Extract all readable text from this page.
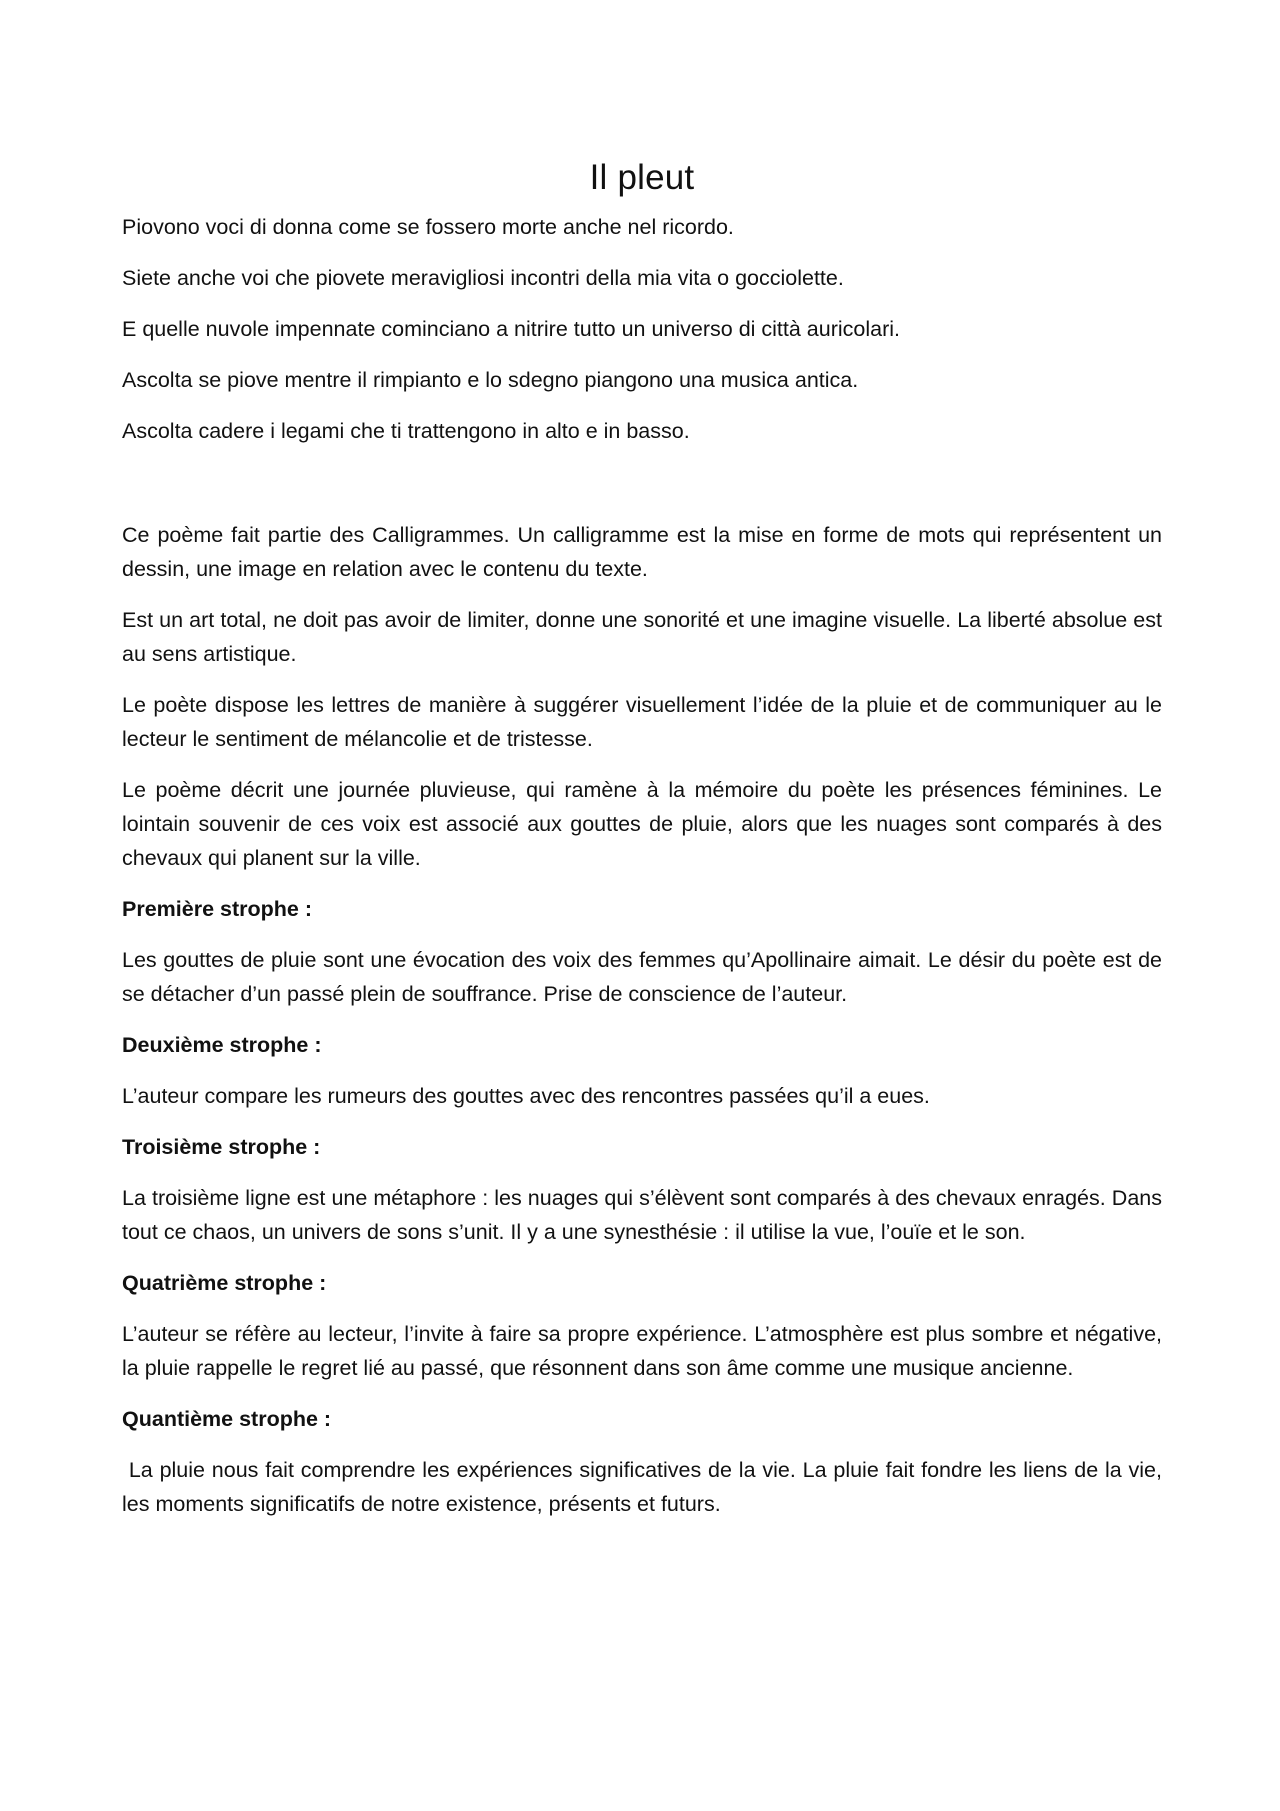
Il pleut

Piovono voci di donna come se fossero morte anche nel ricordo.

Siete anche voi che piovete meravigliosi incontri della mia vita o gocciolette.

E quelle nuvole impennate cominciano a nitrire tutto un universo di città auricolari.

Ascolta se piove mentre il rimpianto e lo sdegno piangono una musica antica.

Ascolta cadere i legami che ti trattengono in alto e in basso.

Ce poème fait partie des Calligrammes. Un calligramme est la mise en forme de mots qui représentent un dessin, une image en relation avec le contenu du texte.

Est un art total, ne doit pas avoir de limiter, donne une sonorité et une imagine visuelle. La liberté absolue est au sens artistique.

Le poète dispose les lettres de manière à suggérer visuellement l’idée de la pluie et de communiquer au le lecteur le sentiment de mélancolie et de tristesse.

Le poème décrit une journée pluvieuse, qui ramène à la mémoire du poète les présences féminines. Le lointain souvenir de ces voix est associé aux gouttes de pluie, alors que les nuages sont comparés à des chevaux qui planent sur la ville.

Première strophe :

Les gouttes de pluie sont une évocation des voix des femmes qu’Apollinaire aimait. Le désir du poète est de se détacher d’un passé plein de souffrance. Prise de conscience de l’auteur.

Deuxième strophe :

L’auteur compare les rumeurs des gouttes avec des rencontres passées qu’il a eues.

Troisième strophe :

La troisième ligne est une métaphore : les nuages qui s’élèvent sont comparés à des chevaux enragés. Dans tout ce chaos, un univers de sons s’unit. Il y a une synesthésie : il utilise la vue, l’ouïe et le son.

Quatrième strophe :

L’auteur se réfère au lecteur, l’invite à faire sa propre expérience. L’atmosphère est plus sombre et négative, la pluie rappelle le regret lié au passé, que résonnent dans son âme comme une musique ancienne.

Quantième strophe :

La pluie nous fait comprendre les expériences significatives de la vie. La pluie fait fondre les liens de la vie, les moments significatifs de notre existence, présents et futurs.
